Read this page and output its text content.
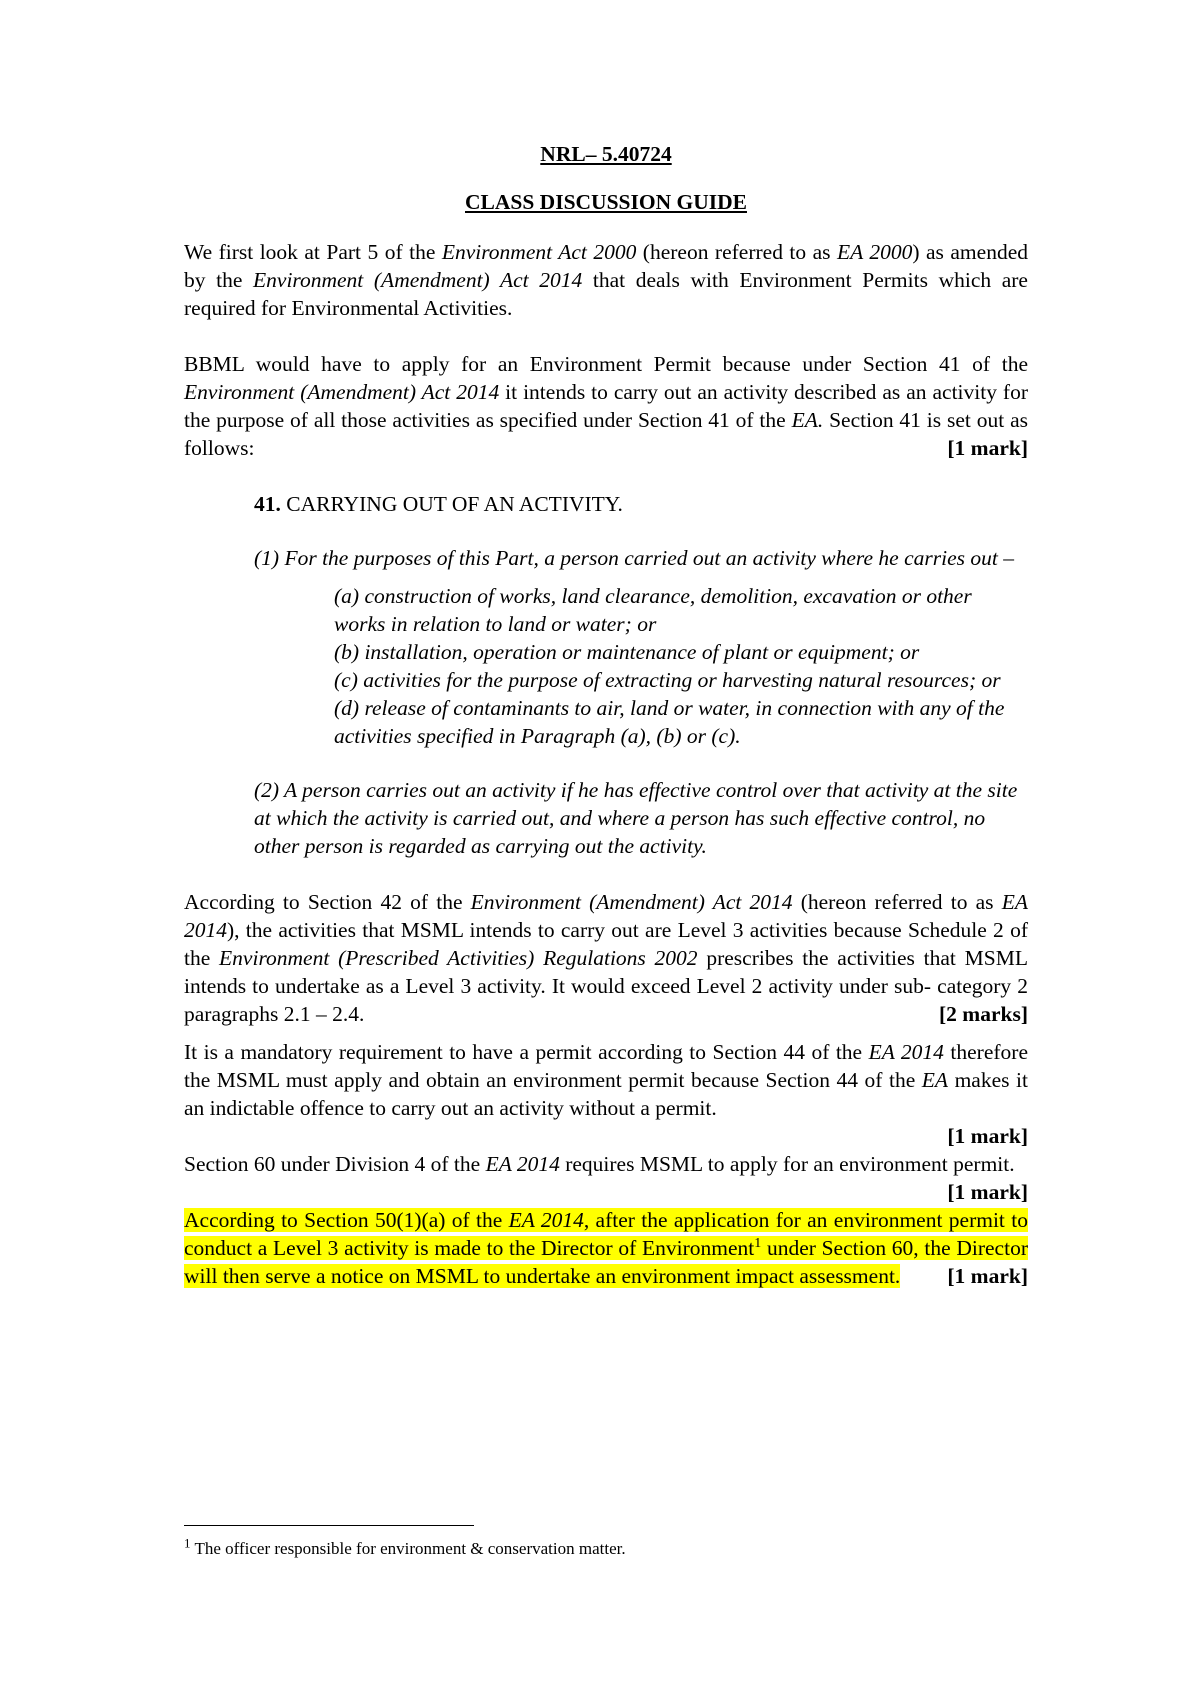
NRL– 5.40724

CLASS DISCUSSION GUIDE

We first look at Part 5 of the Environment Act 2000 (hereon referred to as EA 2000) as amended by the Environment (Amendment) Act 2014 that deals with Environment Permits which are required for Environmental Activities.

BBML would have to apply for an Environment Permit because under Section 41 of the Environment (Amendment) Act 2014 it intends to carry out an activity described as an activity for the purpose of all those activities as specified under Section 41 of the EA. Section 41 is set out as follows:	[1 mark]

41. CARRYING OUT OF AN ACTIVITY.

(1) For the purposes of this Part, a person carried out an activity where he carries out –

(a) construction of works, land clearance, demolition, excavation or other works in relation to land or water; or

(b) installation, operation or maintenance of plant or equipment; or

(c) activities for the purpose of extracting or harvesting natural resources; or

(d) release of contaminants to air, land or water, in connection with any of the activities specified in Paragraph (a), (b) or (c).

(2) A person carries out an activity if he has effective control over that activity at the site at which the activity is carried out, and where a person has such effective control, no other person is regarded as carrying out the activity.

According to Section 42 of the Environment (Amendment) Act 2014 (hereon referred to as EA 2014), the activities that MSML intends to carry out are Level 3 activities because Schedule 2 of the Environment (Prescribed Activities) Regulations 2002 prescribes the activities that MSML intends to undertake as a Level 3 activity. It would exceed Level 2 activity under sub- category 2 paragraphs 2.1 – 2.4.	[2 marks]

It is a mandatory requirement to have a permit according to Section 44 of the EA 2014 therefore the MSML must apply and obtain an environment permit because Section 44 of the EA makes it an indictable offence to carry out an activity without a permit.

[1 mark]

Section 60 under Division 4 of the EA 2014 requires MSML to apply for an environment permit.
[1 mark]

According to Section 50(1)(a) of the EA 2014, after the application for an environment permit to conduct a Level 3 activity is made to the Director of Environment$^1$ under Section 60, the Director will then serve a notice on MSML to undertake an environment impact assessment. [1 mark]

$^1$ The officer responsible for environment & conservation matter.
